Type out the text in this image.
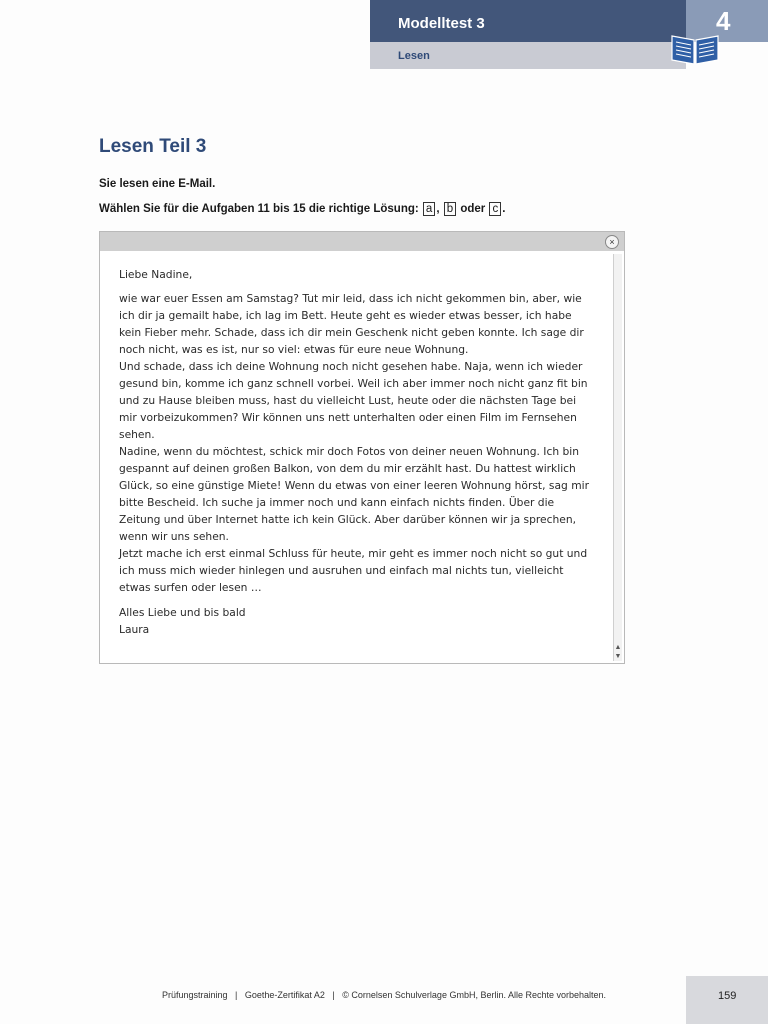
Modelltest 3
Lesen
4
Lesen Teil 3
Sie lesen eine E-Mail.
Wählen Sie für die Aufgaben 11 bis 15 die richtige Lösung: a , b oder c .
×
▲
▼

Liebe Nadine,

wie war euer Essen am Samstag? Tut mir leid, dass ich nicht gekommen bin, aber, wie

ich dir ja gemailt habe, ich lag im Bett. Heute geht es wieder etwas besser, ich habe

kein Fieber mehr. Schade, dass ich dir mein Geschenk nicht geben konnte. Ich sage dir

noch nicht, was es ist, nur so viel: etwas für eure neue Wohnung.

Und schade, dass ich deine Wohnung noch nicht gesehen habe. Naja, wenn ich wieder

gesund bin, komme ich ganz schnell vorbei. Weil ich aber immer noch nicht ganz fit bin

und zu Hause bleiben muss, hast du vielleicht Lust, heute oder die nächsten Tage bei

mir vorbeizukommen? Wir können uns nett unterhalten oder einen Film im Fernsehen

sehen.

Nadine, wenn du möchtest, schick mir doch Fotos von deiner neuen Wohnung. Ich bin

gespannt auf deinen großen Balkon, von dem du mir erzählt hast. Du hattest wirklich

Glück, so eine günstige Miete! Wenn du etwas von einer leeren Wohnung hörst, sag mir

bitte Bescheid. Ich suche ja immer noch und kann einfach nichts finden. Über die

Zeitung und über Internet hatte ich kein Glück. Aber darüber können wir ja sprechen,

wenn wir uns sehen.

Jetzt mache ich erst einmal Schluss für heute, mir geht es immer noch nicht so gut und

ich muss mich wieder hinlegen und ausruhen und einfach mal nichts tun, vielleicht

etwas surfen oder lesen …

Alles Liebe und bis bald

Laura

Prüfungstraining   |   Goethe-Zertifikat A2   |   © Cornelsen Schulverlage GmbH, Berlin. Alle Rechte vorbehalten.	159
